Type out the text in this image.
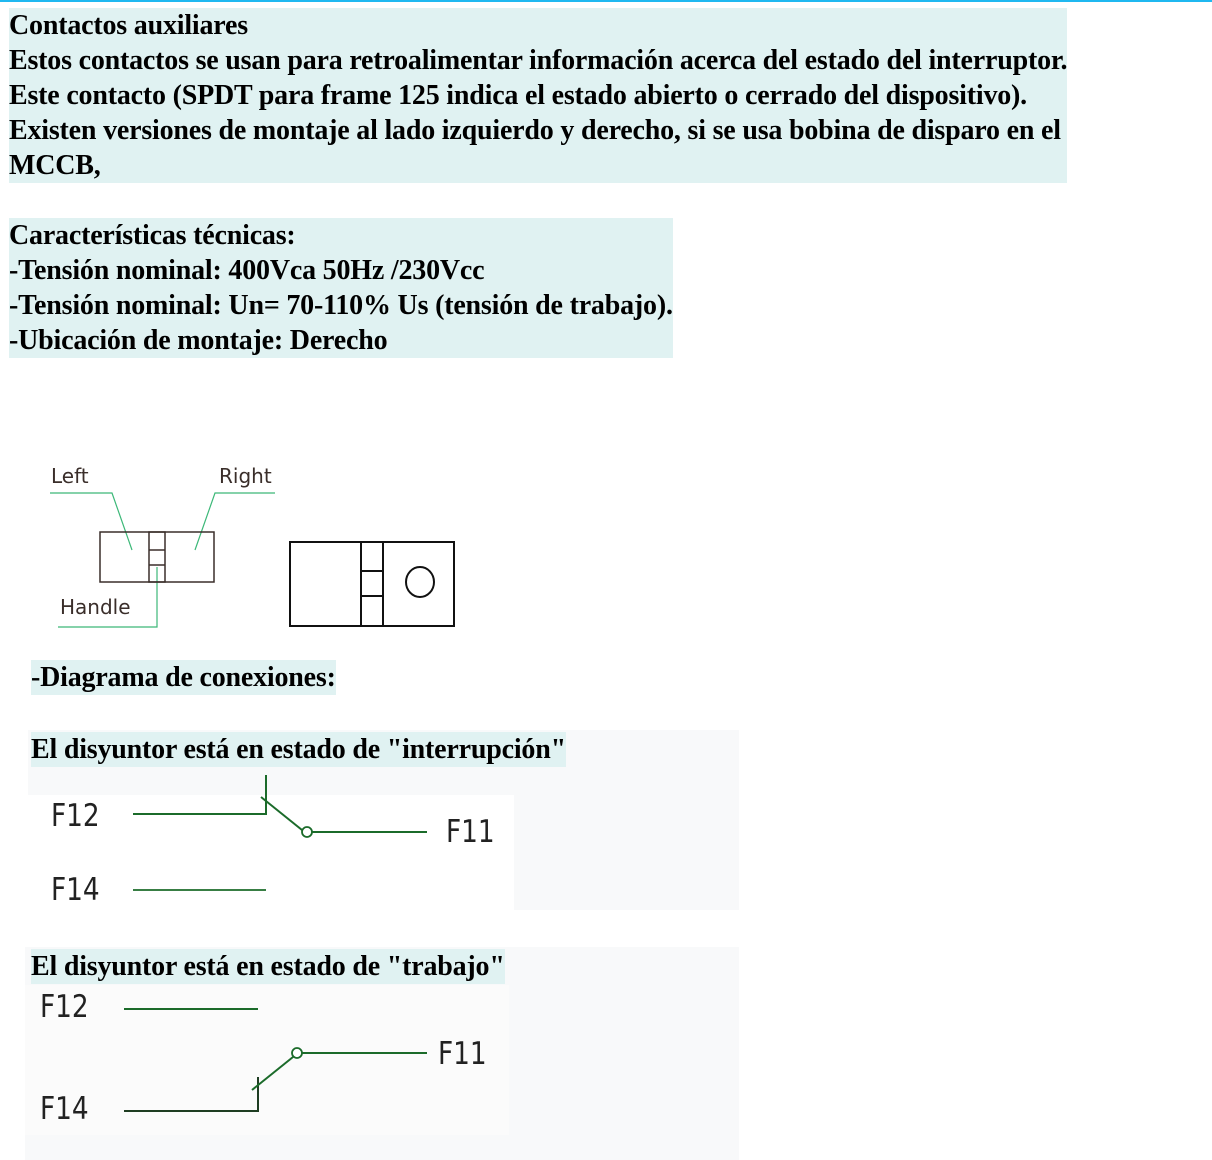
Contactos auxiliares
Estos contactos se usan para retroalimentar información acerca del estado del interruptor.
Este contacto (SPDT para frame 125 indica el estado abierto o cerrado del dispositivo).
Existen versiones de montaje al lado izquierdo y derecho, si se usa bobina de disparo en el
MCCB,
Características técnicas:
-Tensión nominal: 400Vca 50Hz /230Vcc
-Tensión nominal: Un= 70-110% Us (tensión de trabajo).
-Ubicación de montaje: Derecho
Left	Right
Handle
-Diagrama de conexiones:
El disyuntor está en estado de "interrupción"
F12
F14
F11
El disyuntor está en estado de "trabajo"
F12
F14
F11
